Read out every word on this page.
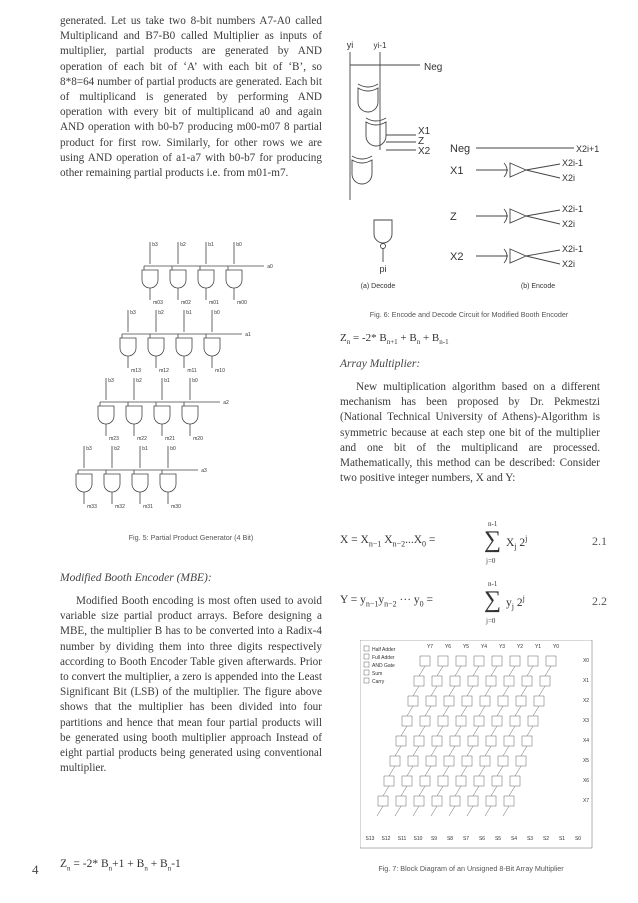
generated. Let us take two 8-bit numbers A7-A0 called Multiplicand and B7-B0 called Multiplier as inputs of multiplier, partial products are generated by AND operation of each bit of ‘A’ with each bit of ‘B’, so 8*8=64 number of partial products are generated. Each bit of multiplicand is generated by performing AND operation with every bit of multiplicand a0 and again AND operation with b0-b7 producing m00-m07 8 partial product for first row. Similarly, for other rows we are using AND operation of a1-a7 with b0-b7 for producing other remaining partial products i.e. from m01-m7.

b3	b2	b1	b0
a0
m03	m02	m01	m00
b3	b2	b1	b0
a1
m13	m12	m11	m10
b3	b2	b1	b0
a2
m23	m22	m21	m20
b3	b2	b1	b0
a3
m33	m32	m31	m30
Fig. 5: Partial Product Generator (4 Bit)

Modified Booth Encoder (MBE):

Modified Booth encoding is most often used to avoid variable size partial product arrays. Before designing a MBE, the multiplier B has to be converted into a Radix-4 number by dividing them into three digits respectively according to Booth Encoder Table given afterwards. Prior to convert the multiplier, a zero is appended into the Least Significant Bit (LSB) of the multiplier. The figure above shows that the multiplier has been divided into four partitions and hence that mean four partial products will be generated using booth multiplier approach Instead of eight partial products being generated using conventional multiplier.

$Z_n = -2*$ $B_n+1 + B_n + B_n-1$
4
yi	yi-1
Neg
X1
Z
X2
pi
(a) Decode
Neg	X2i+1
X1
X2i-1
X2i
Z
X2i-1
X2i
X2
X2i-1
X2i
(b) Encode
Fig. 6: Encode and Decode Circuit for Modified Booth Encoder
$Z_n = -2*$ $B_{n+1} + B_n + B_{n-1}$

Array Multiplier:

New multiplication algorithm based on a different mechanism has been proposed by Dr. Pekmestzi (National Technical University of Athens)-Algorithm is symmetric because at each step one bit of the multiplier and one bit of the multiplicand are processed. Mathematically, this method can be described: Consider two positive integer numbers, X and Y:

$X = X_{n-1}$ $X_{n-2}...X_0$ =
n-1
∑
j=0
$X_j$ 2$^j$	2.1
$Y = y_{n-1}y_{n-2}$ ··· $y_0$ =
n-1
∑
j=0
$y_j$ 2$^j$	2.2
Half Adder
Full Adder
AND Gate
Sum
Carry
Y7 Y6 Y5 Y4 Y3 Y2 Y1 Y0
X0
X1
X2
X3
X4
X5
X6
X7
S13 S12 S11 S10 S9 S8 S7 S6 S5 S4 S3 S2 S1 S0
Fig. 7: Block Diagram of an Unsigned 8-Bit Array Multiplier
